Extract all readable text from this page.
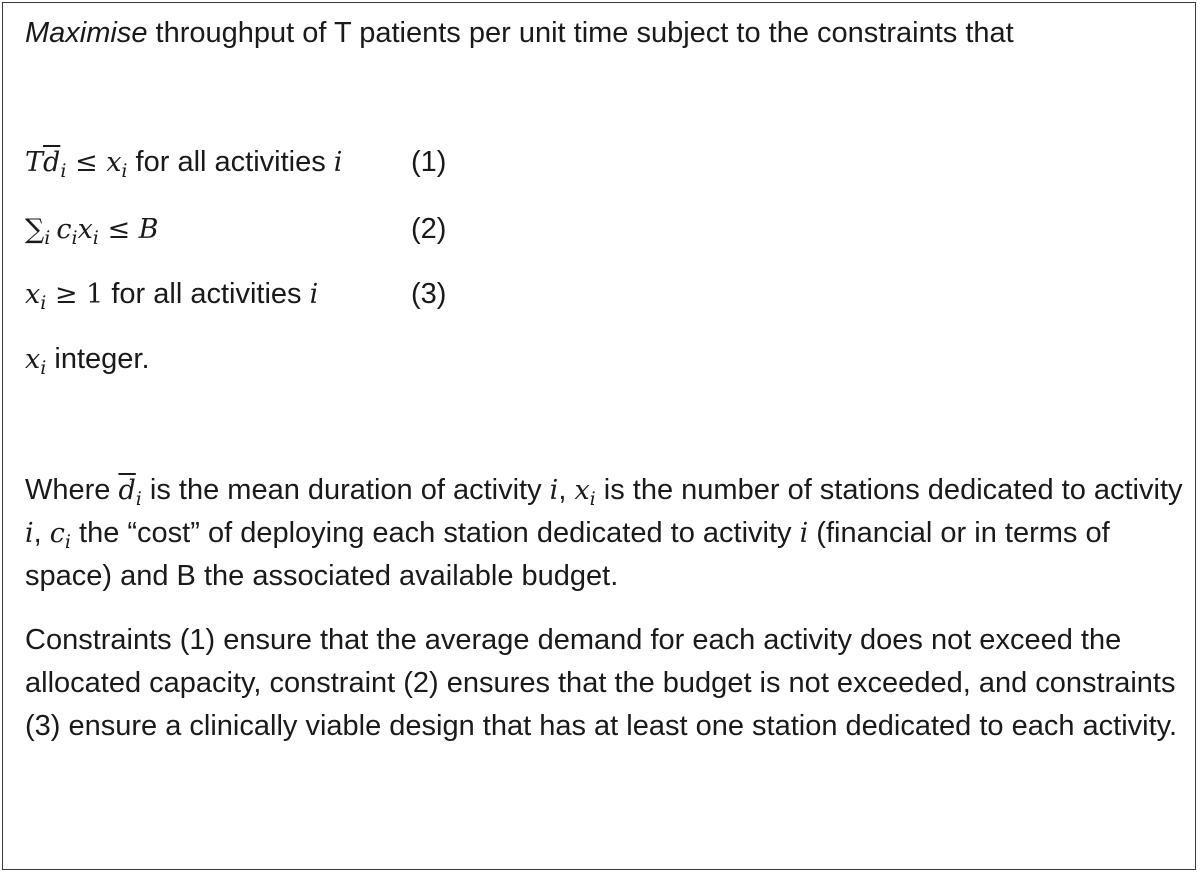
Maximise throughput of T patients per unit time subject to the constraints that
$T\overline{d}_i \le x_i$ for all activities i (1)
$\sum_i$ $c_ix_i \le B$	(2)
$x_i \ge 1$ for all activities i	(3)
$x_i$ integer.
Where $\overline{d}_i$ is the mean duration of activity i, $x_i$ is the number of stations dedicated to activity i, $c_i$ the “cost” of deploying each station dedicated to activity i (financial or in terms of space) and B the associated available budget.
Constraints (1) ensure that the average demand for each activity does not exceed the allocated capacity, constraint (2) ensures that the budget is not exceeded, and constraints (3) ensure a clinically viable design that has at least one station dedicated to each activity.
